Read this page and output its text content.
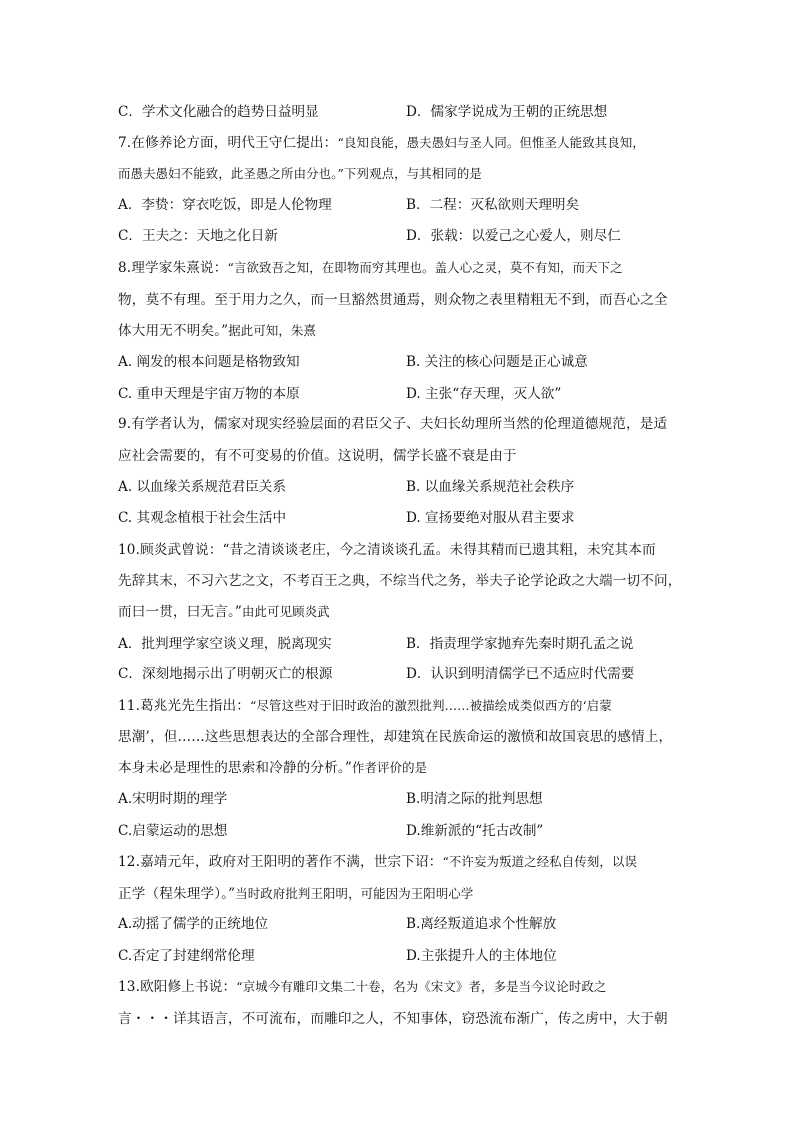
C．学术文化融合的趋势日益明显	D．儒家学说成为王朝的正统思想
7.在修养论方面，明代王守仁提出：“良知良能，愚夫愚妇与圣人同。但惟圣人能致其良知，
而愚夫愚妇不能致，此圣愚之所由分也。”下列观点，与其相同的是
A．李贽：穿衣吃饭，即是人伦物理	B．二程：灭私欲则天理明矣
C．王夫之：天地之化日新	D．张载：以爱己之心爱人，则尽仁
8.理学家朱熹说：“言欲致吾之知，在即物而穷其理也。盖人心之灵，莫不有知，而天下之
物，莫不有理。至于用力之久，而一旦豁然贯通焉，则众物之表里精粗无不到，而吾心之全
体大用无不明矣。”据此可知，朱熹
A. 阐发的根本问题是格物致知	B. 关注的核心问题是正心诚意
C. 重申天理是宇宙万物的本原	D. 主张“存天理，灭人欲”
9.有学者认为，儒家对现实经验层面的君臣父子、夫妇长幼理所当然的伦理道德规范，是适
应社会需要的，有不可变易的价值。这说明，儒学长盛不衰是由于
A. 以血缘关系规范君臣关系	B. 以血缘关系规范社会秩序
C. 其观念植根于社会生活中	D. 宣扬要绝对服从君主要求
10.顾炎武曾说：“昔之清谈谈老庄，今之清谈谈孔孟。未得其精而已遗其粗，未究其本而
先辞其末，不习六艺之文，不考百王之典，不综当代之务，举夫子论学论政之大端一切不问，
而曰一贯，曰无言。”由此可见顾炎武
A．批判理学家空谈义理，脱离现实	B．指责理学家抛弃先秦时期孔孟之说
C．深刻地揭示出了明朝灭亡的根源	D．认识到明清儒学已不适应时代需要
11.葛兆光先生指出：“尽管这些对于旧时政治的激烈批判……被描绘成类似西方的‘启蒙
思潮’，但……这些思想表达的全部合理性，却建筑在民族命运的激愤和故国哀思的感情上，
本身未必是理性的思索和冷静的分析。”作者评价的是
A.宋明时期的理学	B.明清之际的批判思想
C.启蒙运动的思想	D.维新派的“托古改制”
12.嘉靖元年，政府对王阳明的著作不满，世宗下诏：“不许妄为叛道之经私自传刻，以误
正学（程朱理学）。”当时政府批判王阳明，可能因为王阳明心学
A.动摇了儒学的正统地位	B.离经叛道追求个性解放
C.否定了封建纲常伦理	D.主张提升人的主体地位
13.欧阳修上书说：“京城今有雕印文集二十卷，名为《宋文》者，多是当今议论时政之
言・・・详其语言，不可流布，而雕印之人，不知事体，窃恐流布渐广，传之虏中，大于朝
